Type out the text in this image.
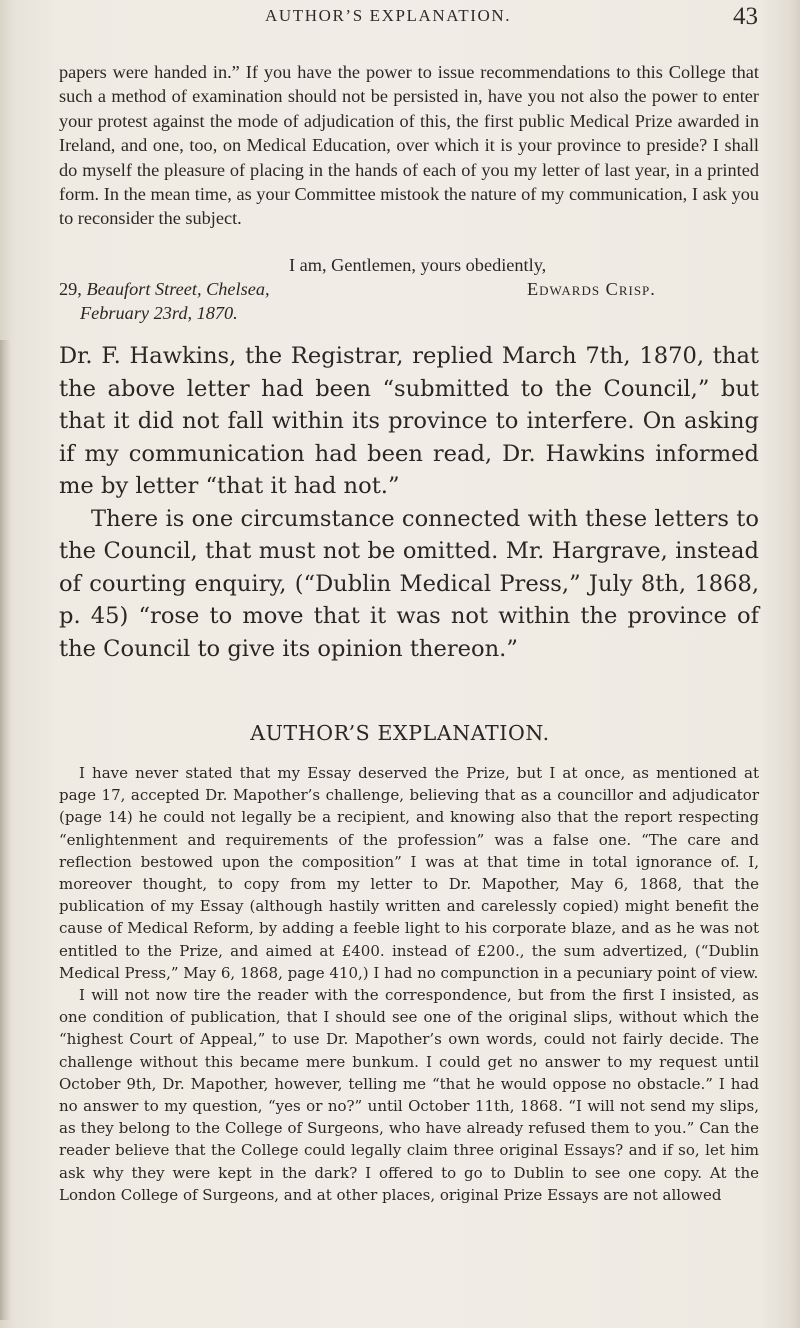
AUTHOR’S EXPLANATION.	43

papers were handed in.” If you have the power to issue recommendations to this College that such a method of examination should not be persisted in, have you not also the power to enter your protest against the mode of adjudication of this, the first public Medical Prize awarded in Ireland, and one, too, on Medical Education, over which it is your province to preside? I shall do myself the pleasure of placing in the hands of each of you my letter of last year, in a printed form. In the mean time, as your Committee mistook the nature of my communication, I ask you to reconsider the subject.

I am, Gentlemen, yours obediently,
29, Beaufort Street, Chelsea,
February 23rd, 1870.
Edwards Crisp.

Dr. F. Hawkins, the Registrar, replied March 7th, 1870, that the above letter had been “submitted to the Council,” but that it did not fall within its province to interfere. On asking if my communication had been read, Dr. Hawkins informed me by letter “that it had not.”

There is one circumstance connected with these letters to the Council, that must not be omitted. Mr. Hargrave, instead of courting enquiry, (“Dublin Medical Press,” July 8th, 1868, p. 45) “rose to move that it was not within the province of the Council to give its opinion thereon.”

AUTHOR’S EXPLANATION.

I have never stated that my Essay deserved the Prize, but I at once, as mentioned at page 17, accepted Dr. Mapother’s challenge, believing that as a councillor and adjudicator (page 14) he could not legally be a recipient, and knowing also that the report respecting “enlightenment and requirements of the profession” was a false one. “The care and reflection bestowed upon the composition” I was at that time in total ignorance of. I, moreover thought, to copy from my letter to Dr. Mapother, May 6, 1868, that the publication of my Essay (although hastily written and carelessly copied) might benefit the cause of Medical Reform, by adding a feeble light to his corporate blaze, and as he was not entitled to the Prize, and aimed at £400. instead of £200., the sum advertized, (“Dublin Medical Press,” May 6, 1868, page 410,) I had no compunction in a pecuniary point of view.

I will not now tire the reader with the correspondence, but from the first I insisted, as one condition of publication, that I should see one of the original slips, without which the “highest Court of Appeal,” to use Dr. Mapother’s own words, could not fairly decide. The challenge without this became mere bunkum. I could get no answer to my request until October 9th, Dr. Mapother, however, telling me “that he would oppose no obstacle.” I had no answer to my question, “yes or no?” until October 11th, 1868. “I will not send my slips, as they belong to the College of Surgeons, who have already refused them to you.” Can the reader believe that the College could legally claim three original Essays? and if so, let him ask why they were kept in the dark? I offered to go to Dublin to see one copy. At the London College of Surgeons, and at other places, original Prize Essays are not allowed
